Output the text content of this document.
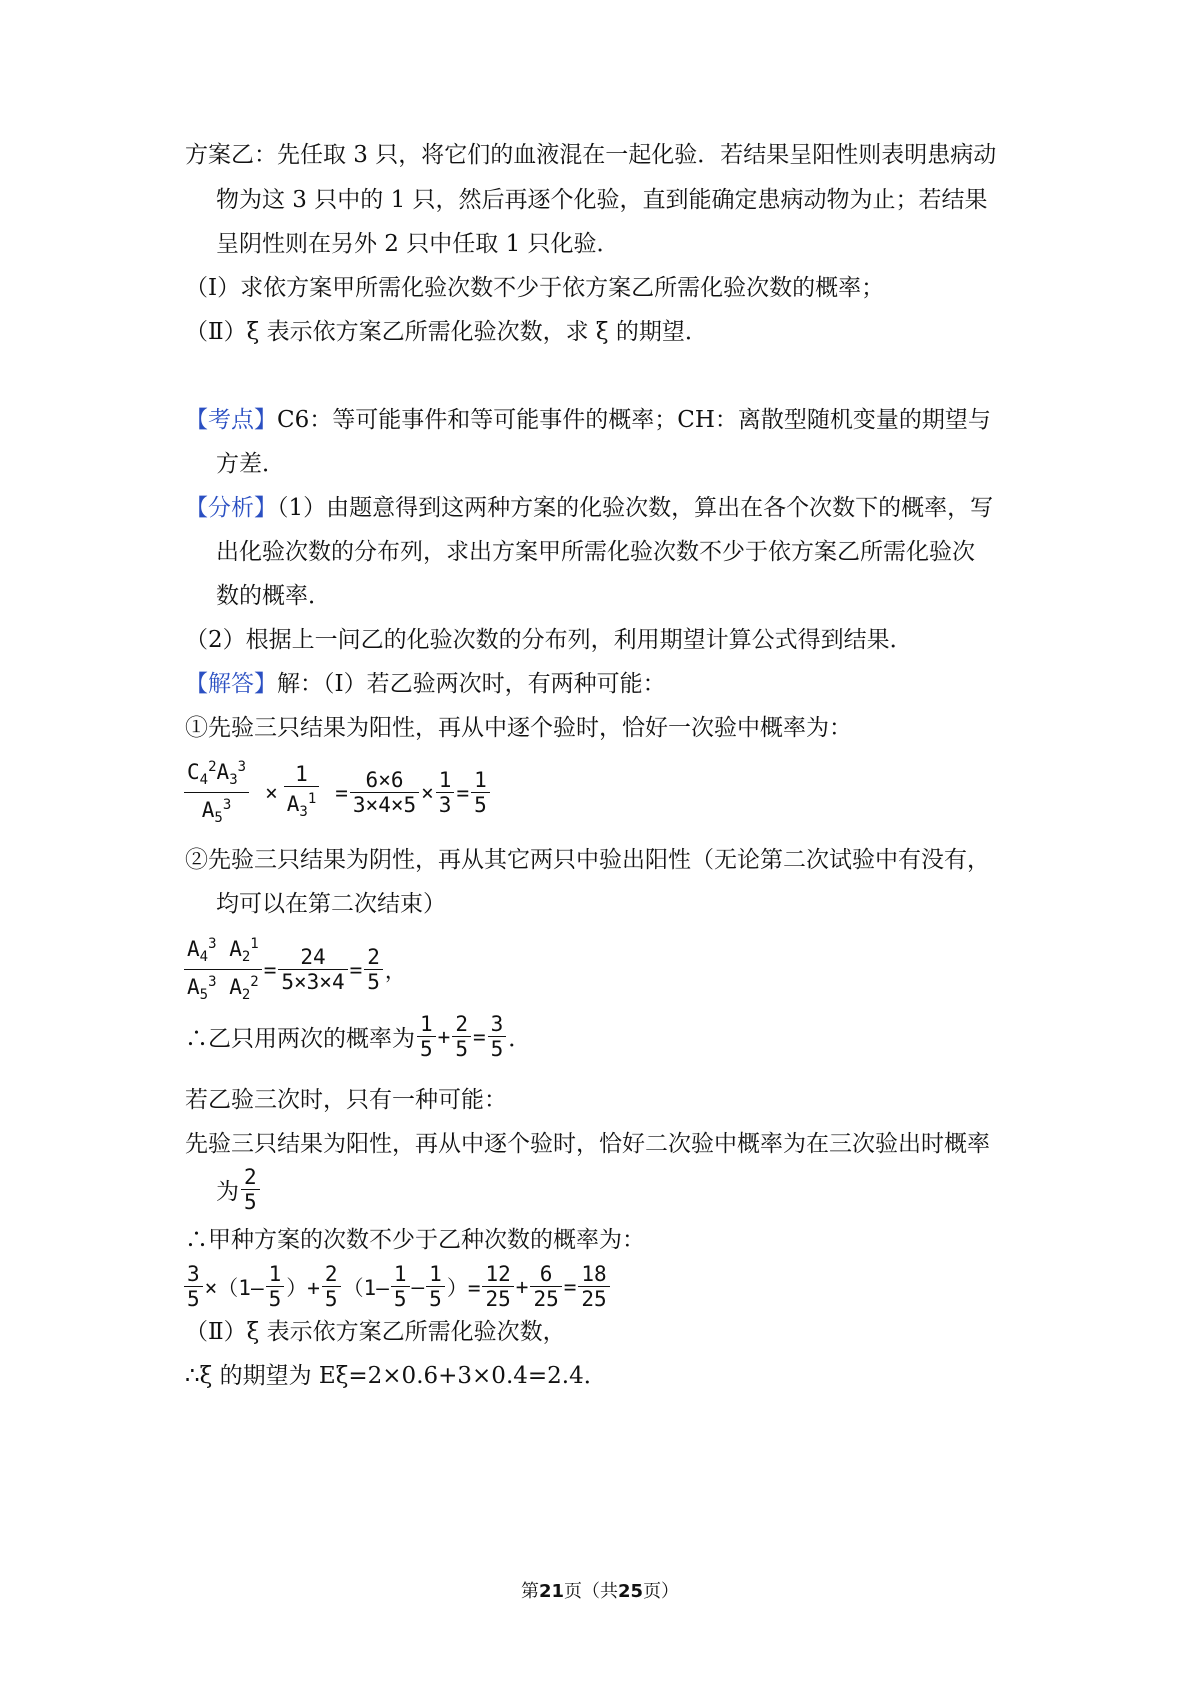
方案乙：先任取 3 只，将它们的血液混在一起化验．若结果呈阳性则表明患病动
物为这 3 只中的 1 只，然后再逐个化验，直到能确定患病动物为止；若结果
呈阴性则在另外 2 只中任取 1 只化验．
（Ⅰ）求依方案甲所需化验次数不少于依方案乙所需化验次数的概率；
（Ⅱ）ξ 表示依方案乙所需化验次数，求 ξ 的期望．
【考点】C6：等可能事件和等可能事件的概率；CH：离散型随机变量的期望与
方差．
【分析】（1）由题意得到这两种方案的化验次数，算出在各个次数下的概率，写
出化验次数的分布列，求出方案甲所需化验次数不少于依方案乙所需化验次
数的概率．
（2）根据上一问乙的化验次数的分布列，利用期望计算公式得到结果．
【解答】解：（Ⅰ）若乙验两次时，有两种可能：
①先验三只结果为阳性，再从中逐个验时，恰好一次验中概率为：
$\frac{C_4^2A_3^3}{A_5^3} \times \frac{1}{A_3^1} = \frac{6\times 6}{3\times 4\times 5} \times \frac{1}{3} = \frac{1}{5}$
②先验三只结果为阴性，再从其它两只中验出阳性（无论第二次试验中有没有，
均可以在第二次结束）
$\frac{A_4^3 A_2^1}{A_5^3 A_2^2} = \frac{24}{5\times 3\times 4} = \frac{2}{5}$ ，
∴乙只用两次的概率为 $\frac{1}{5} + \frac{2}{5} = \frac{3}{5}$ ．
若乙验三次时，只有一种可能：
先验三只结果为阳性，再从中逐个验时，恰好二次验中概率为在三次验出时概率
为 $\frac{2}{5}$
∴甲种方案的次数不少于乙种次数的概率为：
$\frac{3}{5} \times(1- \frac{1}{5}$ ）+ $\frac{2}{5} (1- \frac{1}{5} - \frac{1}{5}$ ）= $\frac{12}{25} + \frac{6}{25} = \frac{18}{25}$
（Ⅱ）ξ 表示依方案乙所需化验次数，
∴ξ 的期望为 Eξ=2×0.6+3×0.4=2.4．
第21页（共25页）
